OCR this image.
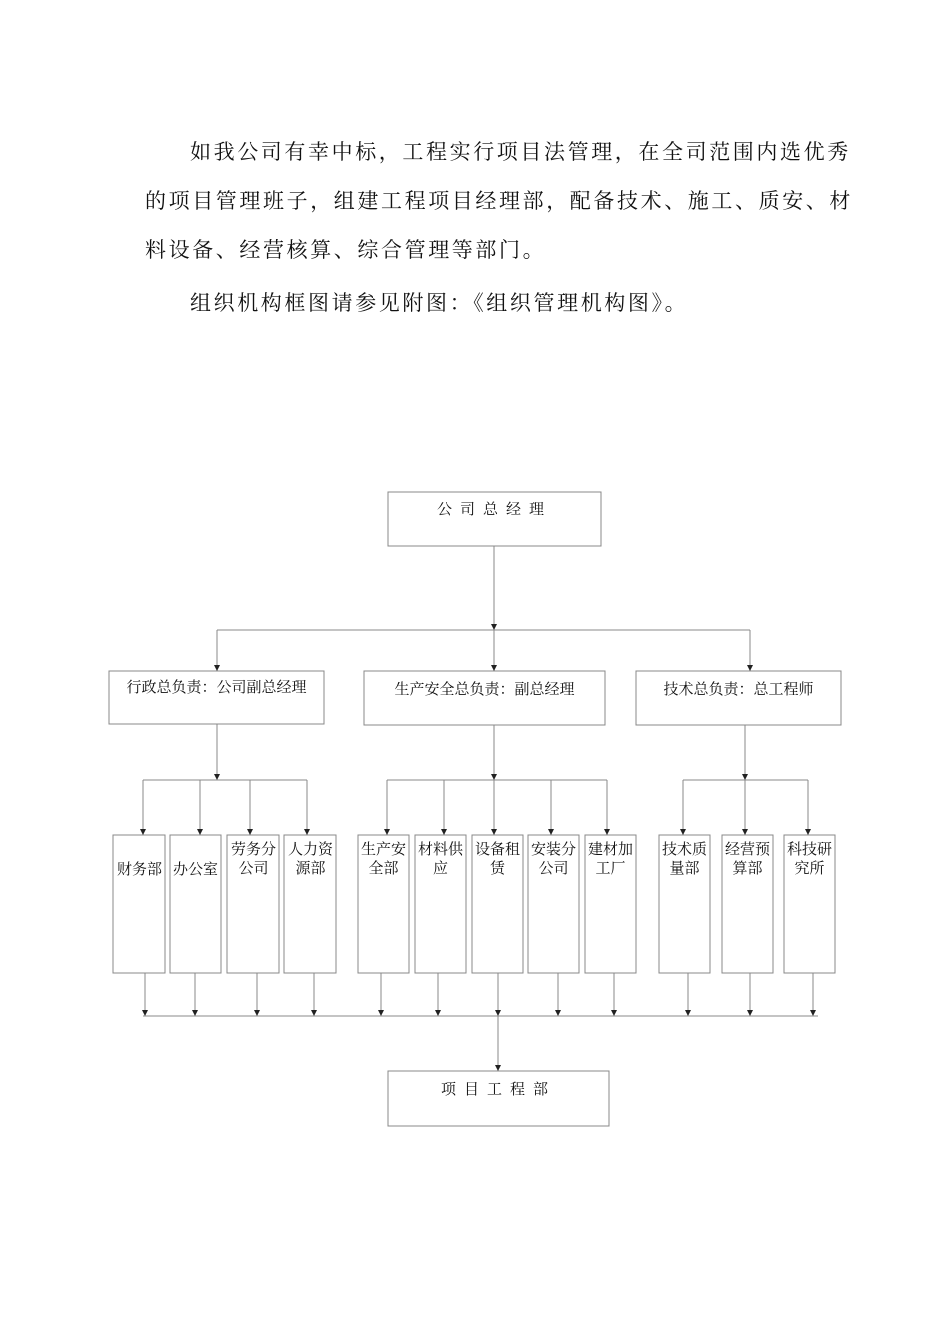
如我公司有幸中标，工程实行项目法管理，在全司范围内选优秀的项目管理班子，组建工程项目经理部，配备技术、施工、质安、材料设备、经营核算、综合管理等部门。

组织机构框图请参见附图：《组织管理机构图》。

公司总经理
行政总负责：公司副总经理	生产安全总负责：副总经理	技术总负责：总工程师
财务部 办公室
劳务分公司
人力资源部
生产安全部
材料供应
设备租赁
安装分公司
建材加工厂
技术质量部
经营预算部
科技研究所
项目工程部
